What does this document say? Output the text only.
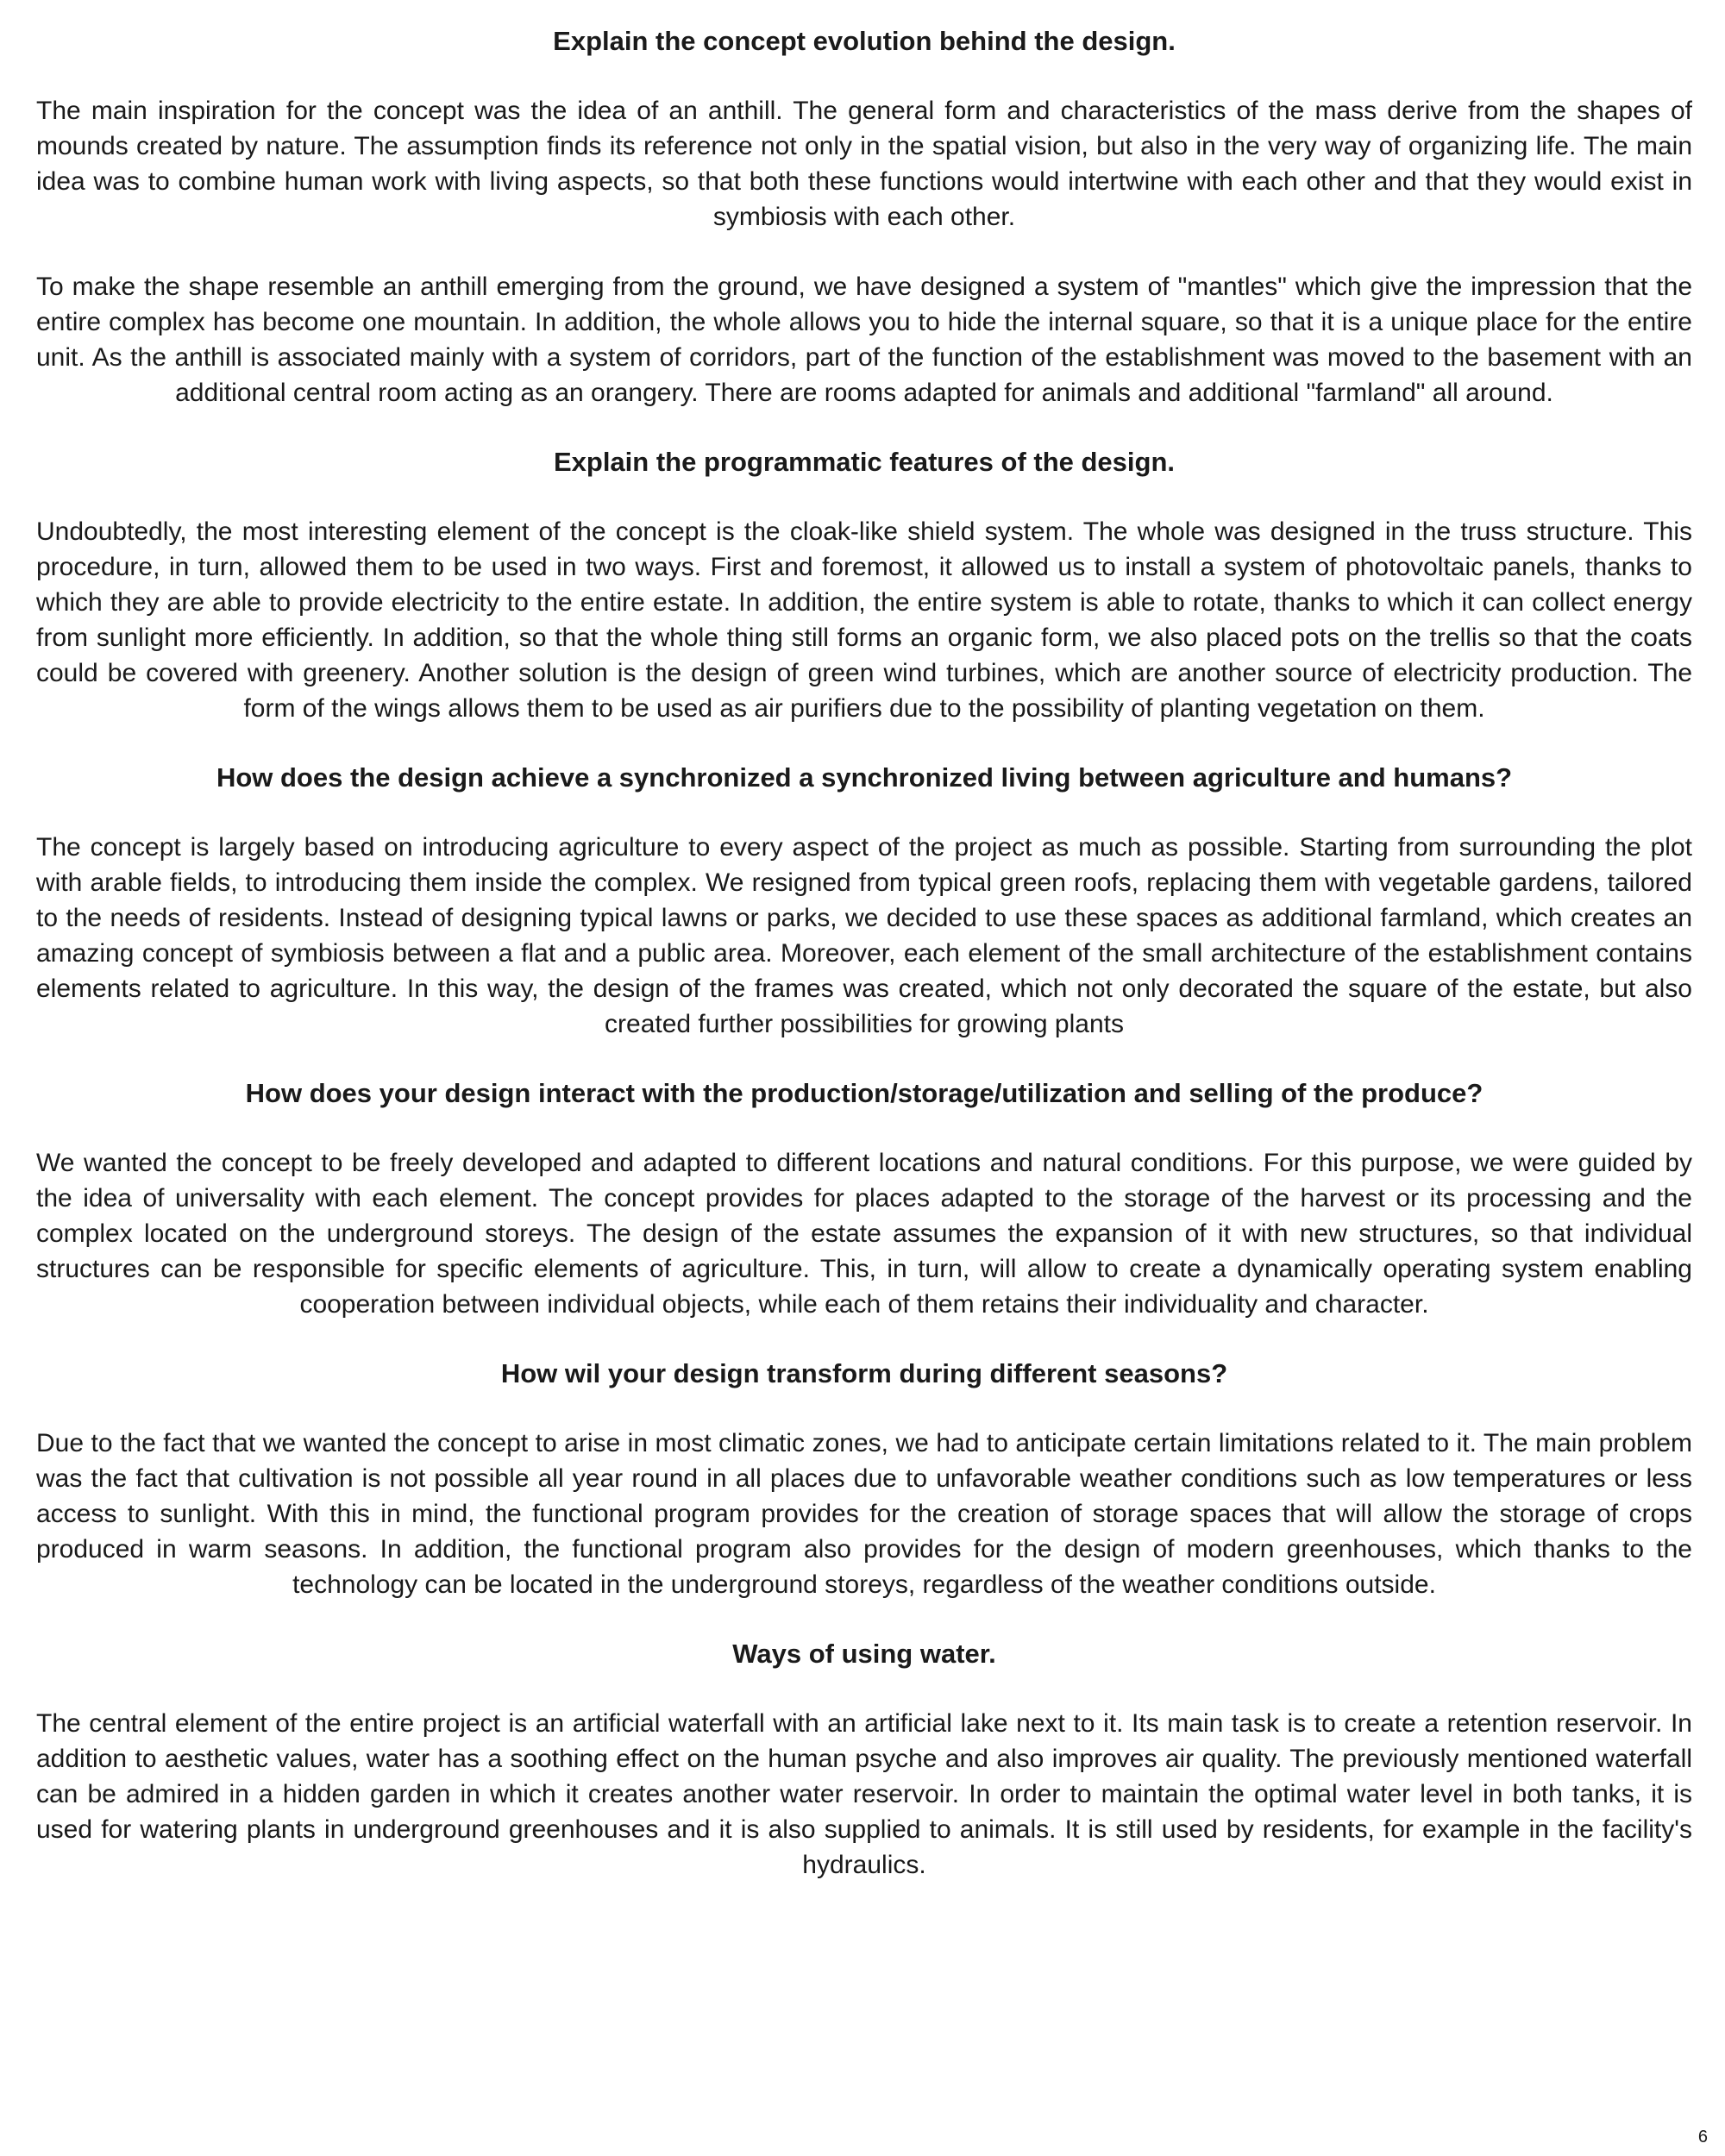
Explain the concept evolution behind the design.

The main inspiration for the concept was the idea of an anthill. The general form and characteristics of the mass derive from the shapes of mounds created by nature. The assumption finds its reference not only in the spatial vision, but also in the very way of organizing life. The main idea was to combine human work with living aspects, so that both these functions would intertwine with each other and that they would exist in symbiosis with each other.

To make the shape resemble an anthill emerging from the ground, we have designed a system of "mantles" which give the impression that the entire complex has become one mountain. In addition, the whole allows you to hide the internal square, so that it is a unique place for the entire unit. As the anthill is associated mainly with a system of corridors, part of the function of the establishment was moved to the basement with an additional central room acting as an orangery. There are rooms adapted for animals and additional "farmland" all around.

Explain the programmatic features of the design.

Undoubtedly, the most interesting element of the concept is the cloak-like shield system. The whole was designed in the truss structure. This procedure, in turn, allowed them to be used in two ways. First and foremost, it allowed us to install a system of photovoltaic panels, thanks to which they are able to provide electricity to the entire estate. In addition, the entire system is able to rotate, thanks to which it can collect energy from sunlight more efficiently. In addition, so that the whole thing still forms an organic form, we also placed pots on the trellis so that the coats could be covered with greenery. Another solution is the design of green wind turbines, which are another source of electricity production. The form of the wings allows them to be used as air purifiers due to the possibility of planting vegetation on them.

How does the design achieve a synchronized a synchronized living between agriculture and humans?

The concept is largely based on introducing agriculture to every aspect of the project as much as possible. Starting from surrounding the plot with arable fields, to introducing them inside the complex. We resigned from typical green roofs, replacing them with vegetable gardens, tailored to the needs of residents. Instead of designing typical lawns or parks, we decided to use these spaces as additional farmland, which creates an amazing concept of symbiosis between a flat and a public area. Moreover, each element of the small architecture of the establishment contains elements related to agriculture. In this way, the design of the frames was created, which not only decorated the square of the estate, but also created further possibilities for growing plants

How does your design interact with the production/storage/utilization and selling of the produce?

We wanted the concept to be freely developed and adapted to different locations and natural conditions. For this purpose, we were guided by the idea of universality with each element. The concept provides for places adapted to the storage of the harvest or its processing and the complex located on the underground storeys. The design of the estate assumes the expansion of it with new structures, so that individual structures can be responsible for specific elements of agriculture. This, in turn, will allow to create a dynamically operating system enabling cooperation between individual objects, while each of them retains their individuality and character.

How wil your design transform during different seasons?

Due to the fact that we wanted the concept to arise in most climatic zones, we had to anticipate certain limitations related to it. The main problem was the fact that cultivation is not possible all year round in all places due to unfavorable weather conditions such as low temperatures or less access to sunlight. With this in mind, the functional program provides for the creation of storage spaces that will allow the storage of crops produced in warm seasons. In addition, the functional program also provides for the design of modern greenhouses, which thanks to the technology can be located in the underground storeys, regardless of the weather conditions outside.

Ways of using water.

The central element of the entire project is an artificial waterfall with an artificial lake next to it. Its main task is to create a retention reservoir. In addition to aesthetic values, water has a soothing effect on the human psyche and also improves air quality. The previously mentioned waterfall can be admired in a hidden garden in which it creates another water reservoir. In order to maintain the optimal water level in both tanks, it is used for watering plants in underground greenhouses and it is also supplied to animals. It is still used by residents, for example in the facility's hydraulics.

6
